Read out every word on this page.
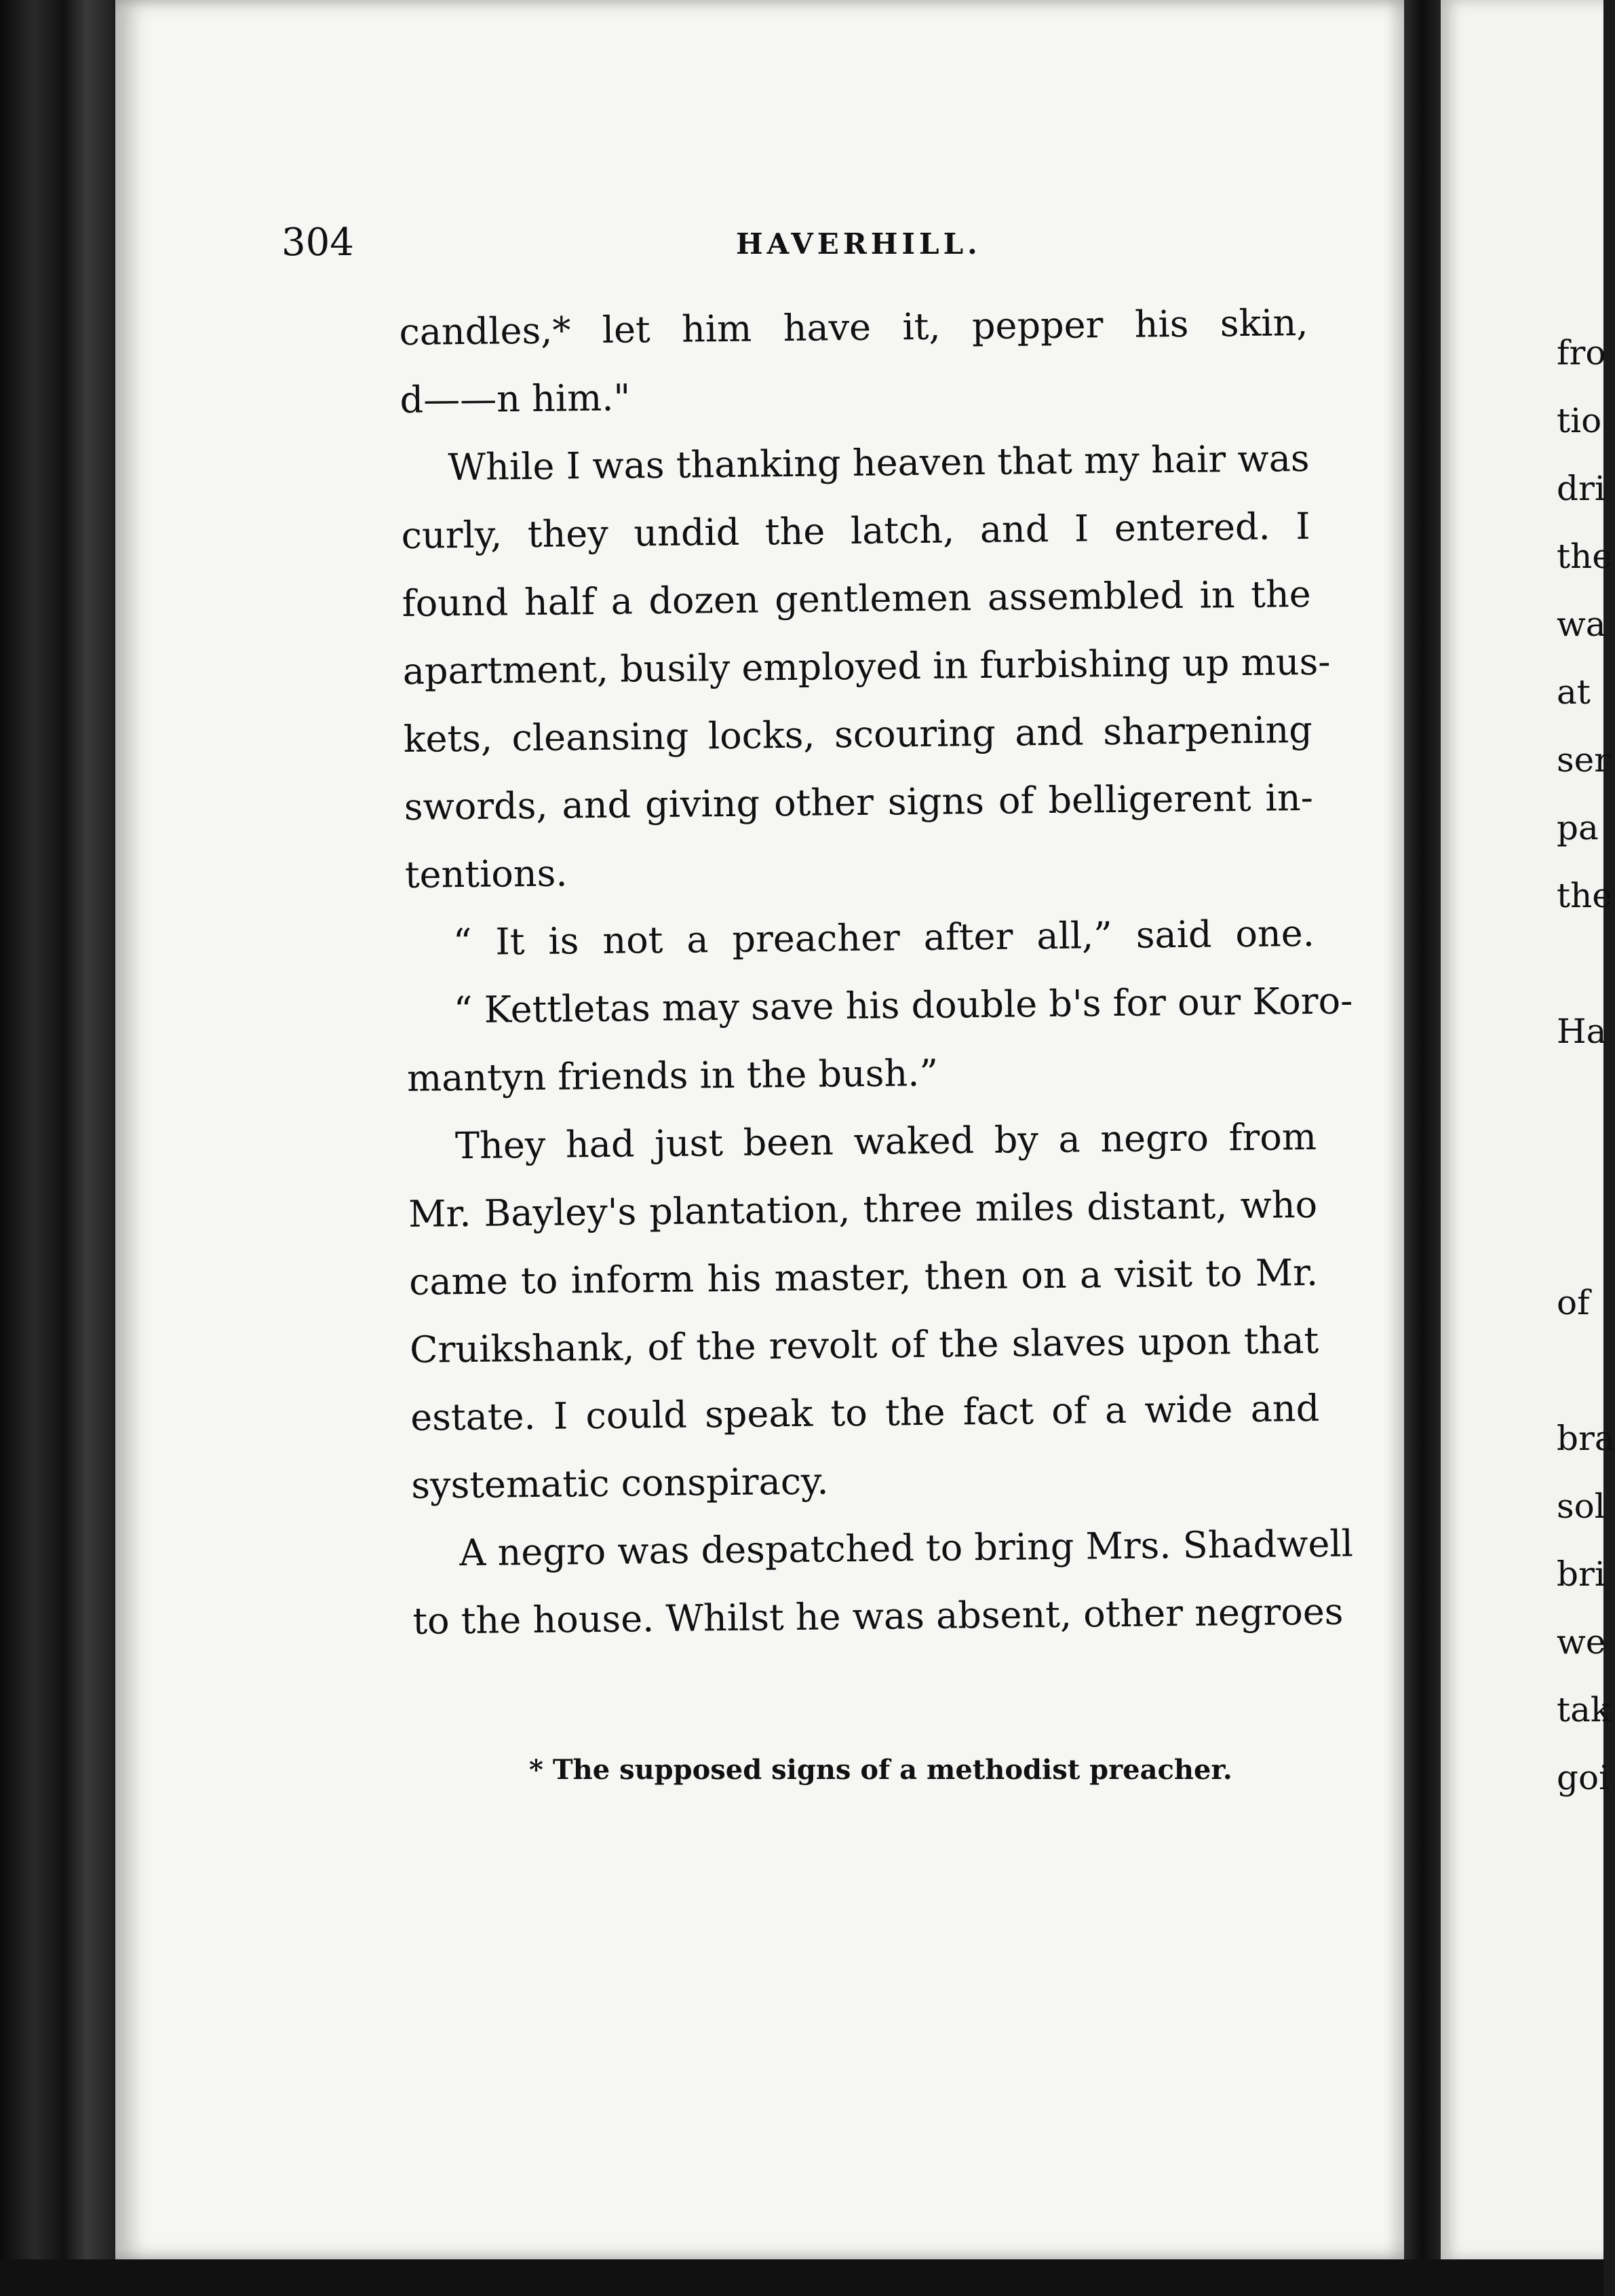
304	HAVERHILL.
candles,* let him have it, pepper his skin,
d——n him."
While I was thanking heaven that my hair was
curly, they undid the latch, and I entered. I
found half a dozen gentlemen assembled in the
apartment, busily employed in furbishing up mus-
kets, cleansing locks, scouring and sharpening
swords, and giving other signs of belligerent in-
tentions.
“ It is not a preacher after all,” said one.
“ Kettletas may save his double b's for our Koro-
mantyn friends in the bush.”
They had just been waked by a negro from
Mr. Bayley's plantation, three miles distant, who
came to inform his master, then on a visit to Mr.
Cruikshank, of the revolt of the slaves upon that
estate. I could speak to the fact of a wide and
systematic conspiracy.
A negro was despatched to bring Mrs. Shadwell
to the house. Whilst he was absent, other negroes
* The supposed signs of a methodist preacher.
fro
tio
dri
the
wa
at
ser
pa
the
Ha
of
bra
sol
bri
we
tak
goi
